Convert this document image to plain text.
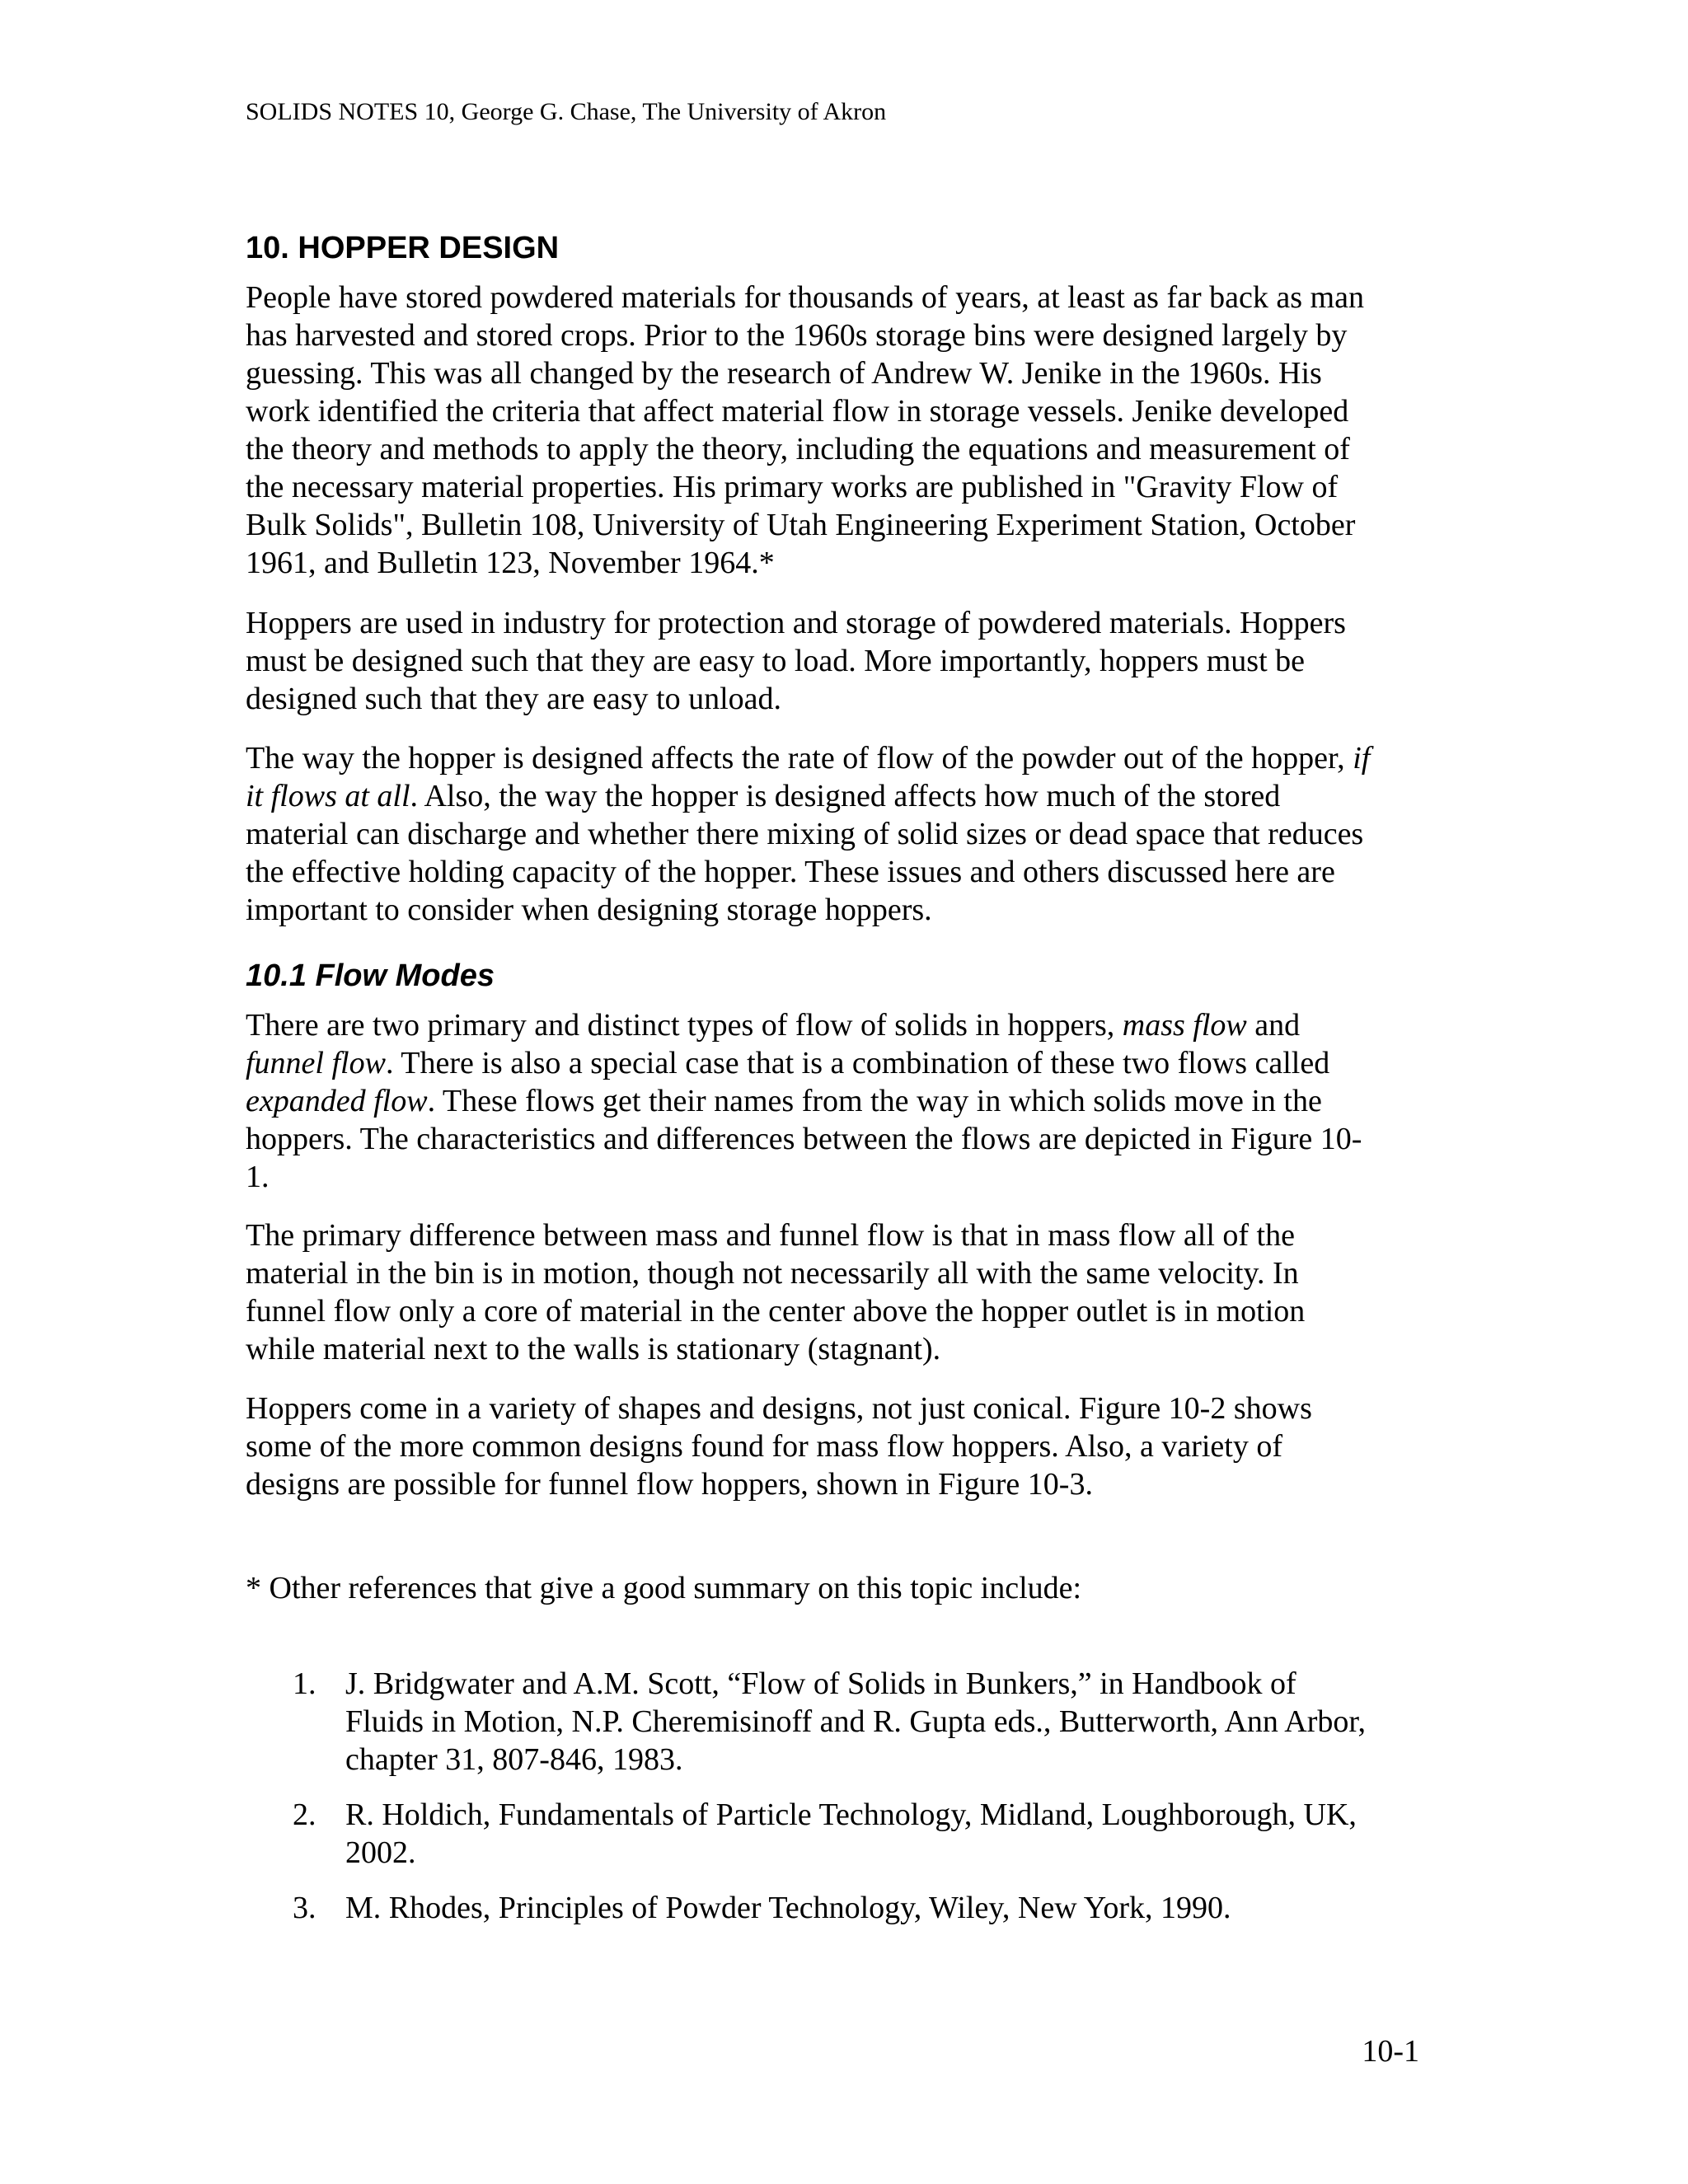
SOLIDS NOTES 10, George G. Chase, The University of Akron
10. HOPPER DESIGN

People have stored powdered materials for thousands of years, at least as far back as man
has harvested and stored crops. Prior to the 1960s storage bins were designed largely by
guessing. This was all changed by the research of Andrew W. Jenike in the 1960s. His
work identified the criteria that affect material flow in storage vessels. Jenike developed
the theory and methods to apply the theory, including the equations and measurement of
the necessary material properties. His primary works are published in "Gravity Flow of
Bulk Solids", Bulletin 108, University of Utah Engineering Experiment Station, October
1961, and Bulletin 123, November 1964.*

Hoppers are used in industry for protection and storage of powdered materials. Hoppers
must be designed such that they are easy to load. More importantly, hoppers must be
designed such that they are easy to unload.

The way the hopper is designed affects the rate of flow of the powder out of the hopper, if
it flows at all. Also, the way the hopper is designed affects how much of the stored
material can discharge and whether there mixing of solid sizes or dead space that reduces
the effective holding capacity of the hopper. These issues and others discussed here are
important to consider when designing storage hoppers.

10.1 Flow Modes

There are two primary and distinct types of flow of solids in hoppers, mass flow and
funnel flow. There is also a special case that is a combination of these two flows called
expanded flow. These flows get their names from the way in which solids move in the
hoppers. The characteristics and differences between the flows are depicted in Figure 10-
1.

The primary difference between mass and funnel flow is that in mass flow all of the
material in the bin is in motion, though not necessarily all with the same velocity. In
funnel flow only a core of material in the center above the hopper outlet is in motion
while material next to the walls is stationary (stagnant).

Hoppers come in a variety of shapes and designs, not just conical. Figure 10-2 shows
some of the more common designs found for mass flow hoppers. Also, a variety of
designs are possible for funnel flow hoppers, shown in Figure 10-3.

* Other references that give a good summary on this topic include:

1. J. Bridgwater and A.M. Scott, “Flow of Solids in Bunkers,” in Handbook of
Fluids in Motion, N.P. Cheremisinoff and R. Gupta eds., Butterworth, Ann Arbor,
chapter 31, 807-846, 1983.
2. R. Holdich, Fundamentals of Particle Technology, Midland, Loughborough, UK,
2002.
3. M. Rhodes, Principles of Powder Technology, Wiley, New York, 1990.
10-1
